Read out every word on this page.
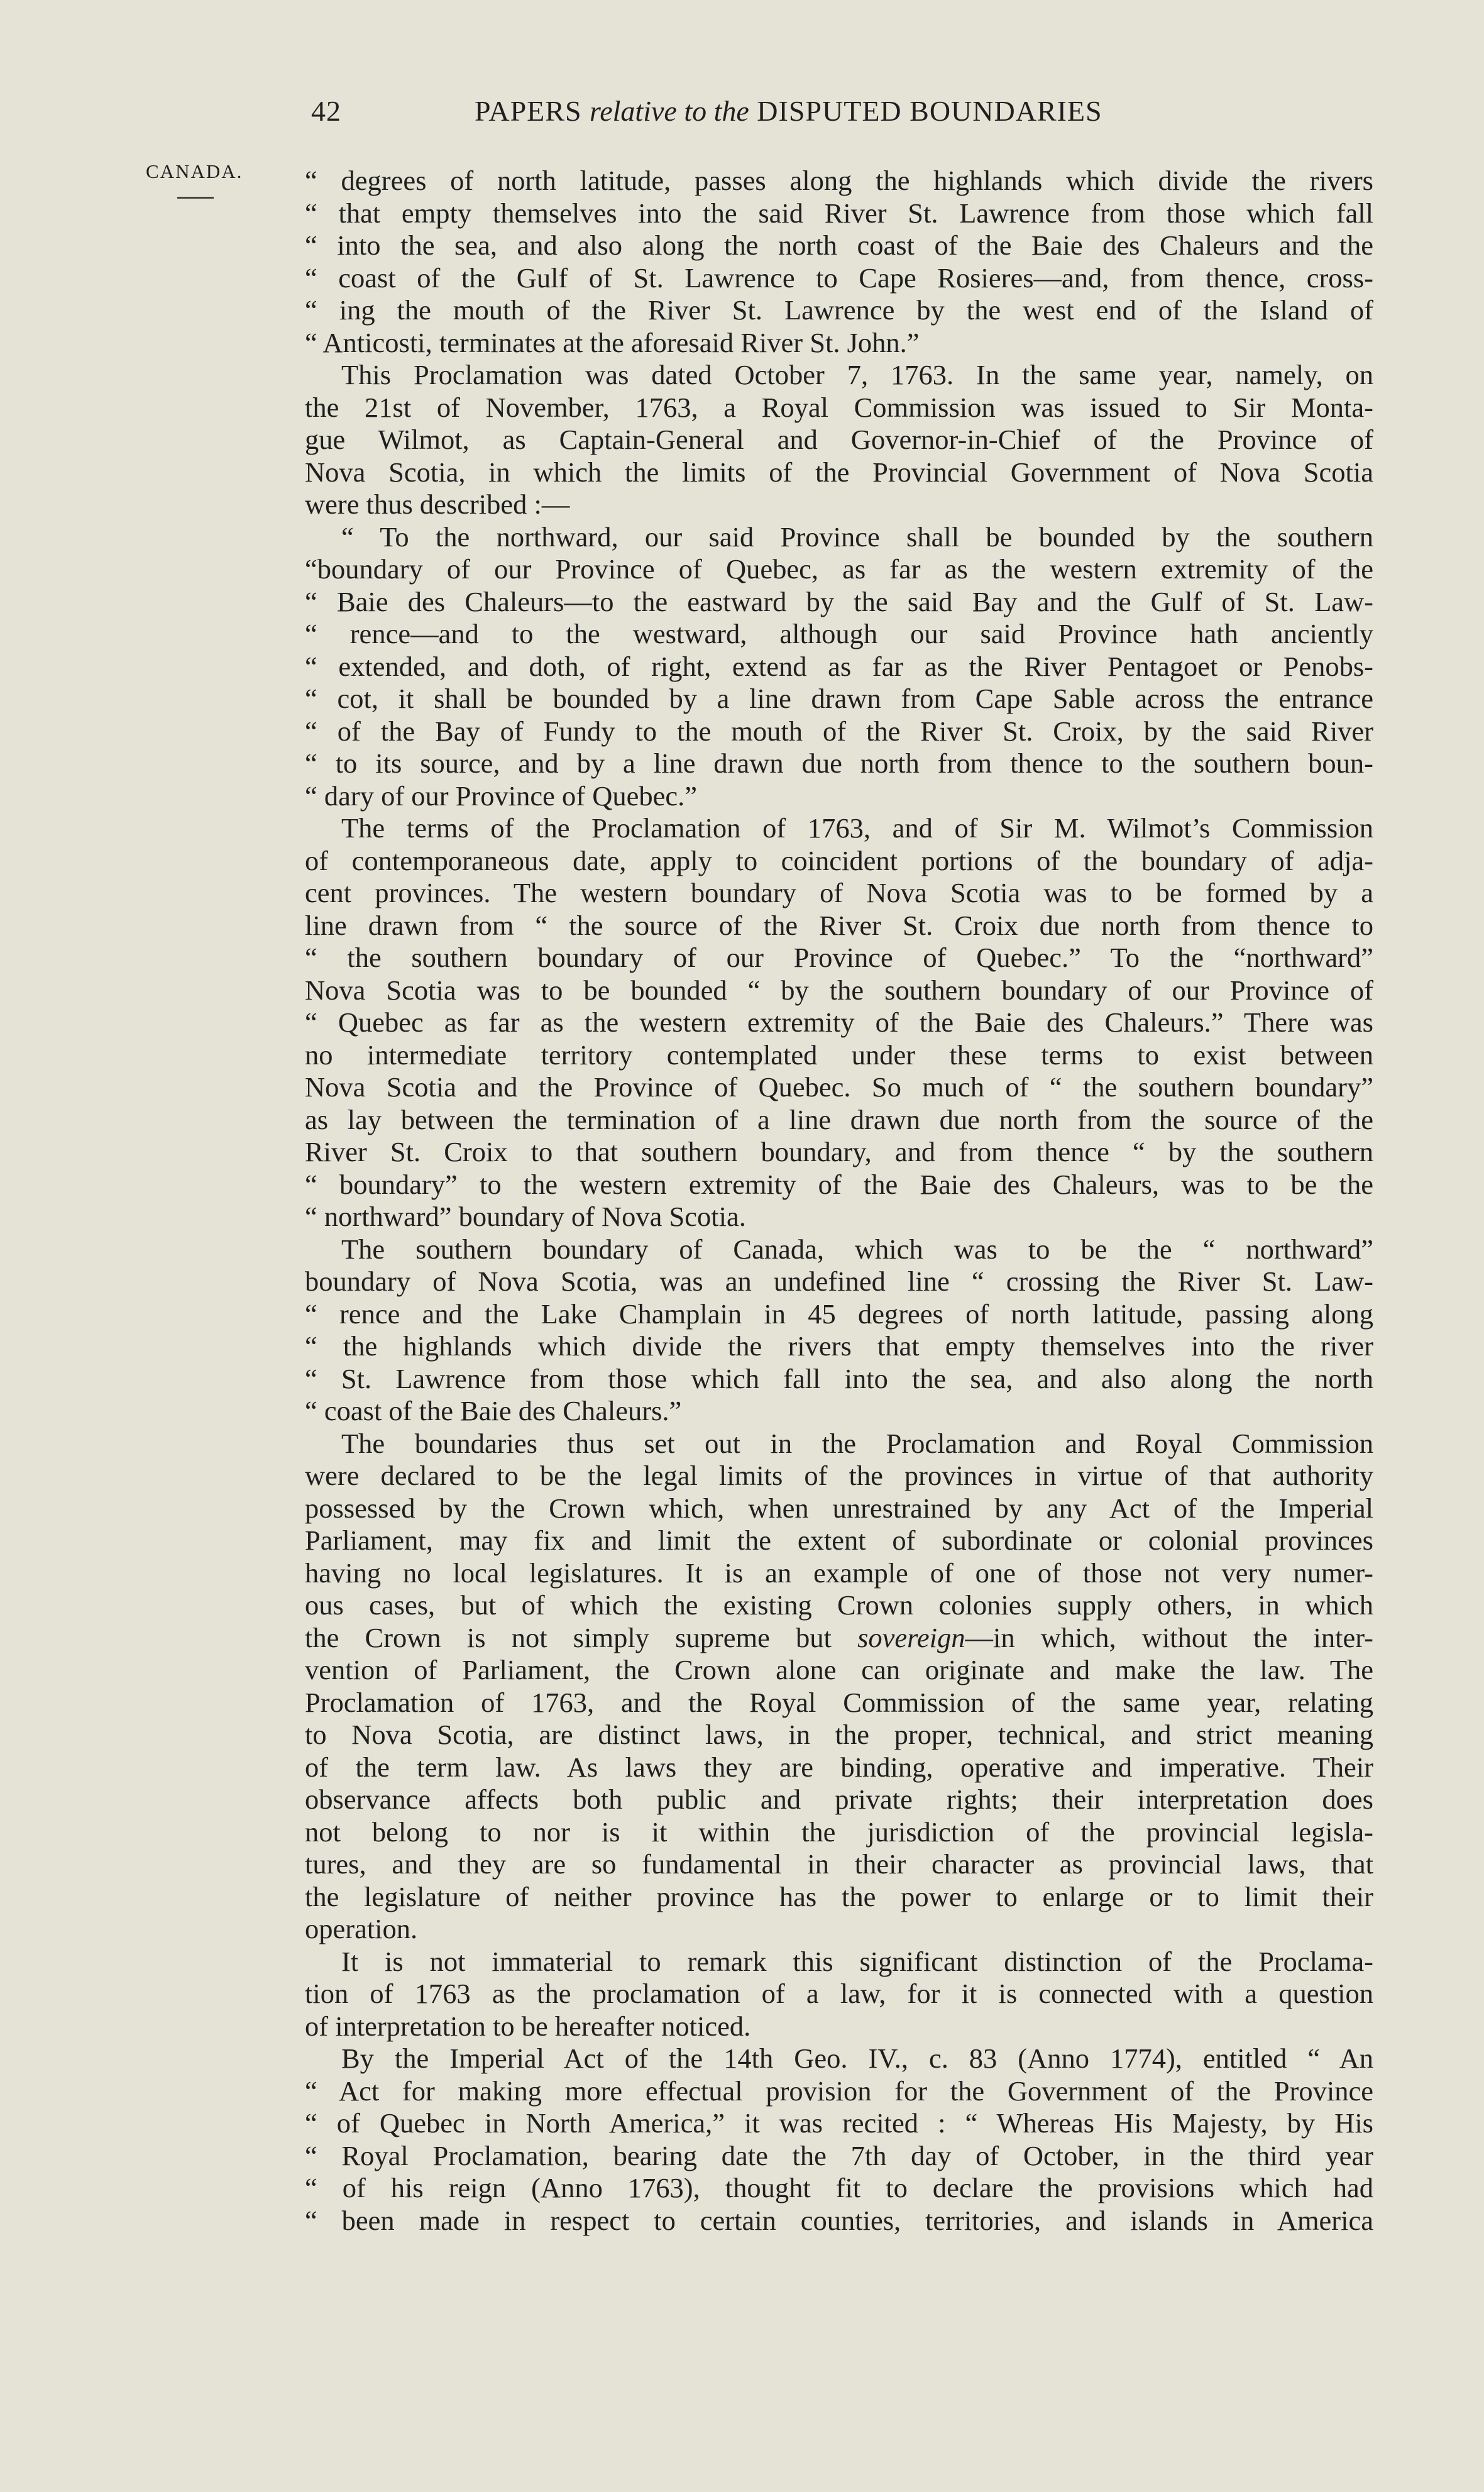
42	PAPERS relative to the DISPUTED BOUNDARIES
CANADA. “ degrees of north latitude, passes along the highlands which divide the rivers
“ that empty themselves into the said River St. Lawrence from those which fall
“ into the sea, and also along the north coast of the Baie des Chaleurs and the
“ coast of the Gulf of St. Lawrence to Cape Rosieres—and, from thence, cross-
“ ing the mouth of the River St. Lawrence by the west end of the Island of
“ Anticosti, terminates at the aforesaid River St. John.”
This Proclamation was dated October 7, 1763. In the same year, namely, on
the 21st of November, 1763, a Royal Commission was issued to Sir Monta-
gue Wilmot, as Captain-General and Governor-in-Chief of the Province of
Nova Scotia, in which the limits of the Provincial Government of Nova Scotia
were thus described :—
“ To the northward, our said Province shall be bounded by the southern
“boundary of our Province of Quebec, as far as the western extremity of the
“ Baie des Chaleurs—to the eastward by the said Bay and the Gulf of St. Law-
“ rence—and to the westward, although our said Province hath anciently
“ extended, and doth, of right, extend as far as the River Pentagoet or Penobs-
“ cot, it shall be bounded by a line drawn from Cape Sable across the entrance
“ of the Bay of Fundy to the mouth of the River St. Croix, by the said River
“ to its source, and by a line drawn due north from thence to the southern boun-
“ dary of our Province of Quebec.”
The terms of the Proclamation of 1763, and of Sir M. Wilmot’s Commission
of contemporaneous date, apply to coincident portions of the boundary of adja-
cent provinces. The western boundary of Nova Scotia was to be formed by a
line drawn from “ the source of the River St. Croix due north from thence to
“ the southern boundary of our Province of Quebec.” To the “northward”
Nova Scotia was to be bounded “ by the southern boundary of our Province of
“ Quebec as far as the western extremity of the Baie des Chaleurs.” There was
no intermediate territory contemplated under these terms to exist between
Nova Scotia and the Province of Quebec. So much of “ the southern boundary”
as lay between the termination of a line drawn due north from the source of the
River St. Croix to that southern boundary, and from thence “ by the southern
“ boundary” to the western extremity of the Baie des Chaleurs, was to be the
“ northward” boundary of Nova Scotia.
The southern boundary of Canada, which was to be the “ northward”
boundary of Nova Scotia, was an undefined line “ crossing the River St. Law-
“ rence and the Lake Champlain in 45 degrees of north latitude, passing along
“ the highlands which divide the rivers that empty themselves into the river
“ St. Lawrence from those which fall into the sea, and also along the north
“ coast of the Baie des Chaleurs.”
The boundaries thus set out in the Proclamation and Royal Commission
were declared to be the legal limits of the provinces in virtue of that authority
possessed by the Crown which, when unrestrained by any Act of the Imperial
Parliament, may fix and limit the extent of subordinate or colonial provinces
having no local legislatures. It is an example of one of those not very numer-
ous cases, but of which the existing Crown colonies supply others, in which
the Crown is not simply supreme but sovereign—in which, without the inter-
vention of Parliament, the Crown alone can originate and make the law. The
Proclamation of 1763, and the Royal Commission of the same year, relating
to Nova Scotia, are distinct laws, in the proper, technical, and strict meaning
of the term law. As laws they are binding, operative and imperative. Their
observance affects both public and private rights; their interpretation does
not belong to nor is it within the jurisdiction of the provincial legisla-
tures, and they are so fundamental in their character as provincial laws, that
the legislature of neither province has the power to enlarge or to limit their
operation.
It is not immaterial to remark this significant distinction of the Proclama-
tion of 1763 as the proclamation of a law, for it is connected with a question
of interpretation to be hereafter noticed.
By the Imperial Act of the 14th Geo. IV., c. 83 (Anno 1774), entitled “ An
“ Act for making more effectual provision for the Government of the Province
“ of Quebec in North America,” it was recited : “ Whereas His Majesty, by His
“ Royal Proclamation, bearing date the 7th day of October, in the third year
“ of his reign (Anno 1763), thought fit to declare the provisions which had
“ been made in respect to certain counties, territories, and islands in America
